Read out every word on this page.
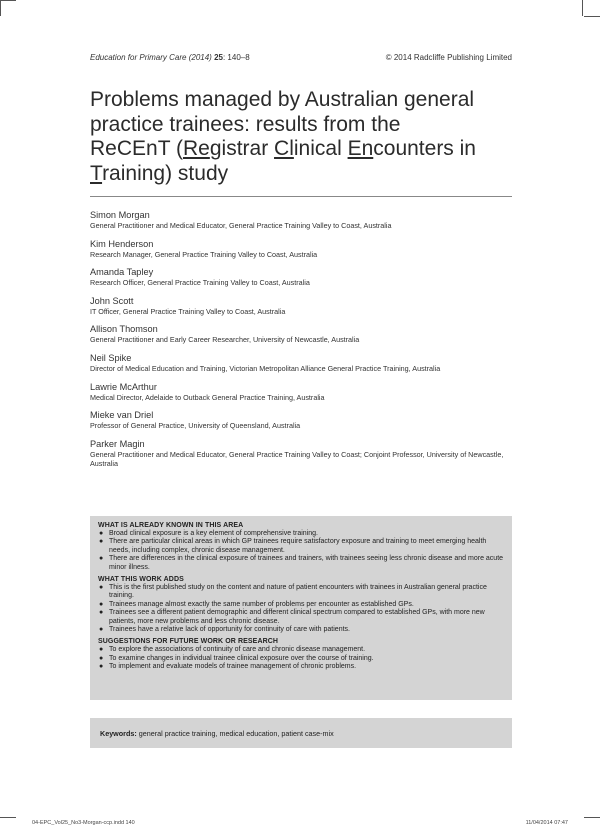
Education for Primary Care (2014) 25: 140–8	© 2014 Radcliffe Publishing Limited
Problems managed by Australian general
practice trainees: results from the
ReCEnT (Registrar Clinical Encounters in
Training) study
Simon Morgan
General Practitioner and Medical Educator, General Practice Training Valley to Coast, Australia
Kim Henderson
Research Manager, General Practice Training Valley to Coast, Australia
Amanda Tapley
Research Officer, General Practice Training Valley to Coast, Australia
John Scott
IT Officer, General Practice Training Valley to Coast, Australia
Allison Thomson
General Practitioner and Early Career Researcher, University of Newcastle, Australia
Neil Spike
Director of Medical Education and Training, Victorian Metropolitan Alliance General Practice Training, Australia
Lawrie McArthur
Medical Director, Adelaide to Outback General Practice Training, Australia
Mieke van Driel
Professor of General Practice, University of Queensland, Australia
Parker Magin
General Practitioner and Medical Educator, General Practice Training Valley to Coast; Conjoint Professor, University of Newcastle, Australia
WHAT IS ALREADY KNOWN IN THIS AREA
● Broad clinical exposure is a key element of comprehensive training.
● There are particular clinical areas in which GP trainees require satisfactory exposure and training to meet emerging health needs, including complex, chronic disease management.
● There are differences in the clinical exposure of trainees and trainers, with trainees seeing less chronic disease and more acute minor illness.
WHAT THIS WORK ADDS
● This is the first published study on the content and nature of patient encounters with trainees in Australian general practice training.
● Trainees manage almost exactly the same number of problems per encounter as established GPs.
● Trainees see a different patient demographic and different clinical spectrum compared to established GPs, with more new patients, more new problems and less chronic disease.
● Trainees have a relative lack of opportunity for continuity of care with patients.
SUGGESTIONS FOR FUTURE WORK OR RESEARCH
● To explore the associations of continuity of care and chronic disease management.
● To examine changes in individual trainee clinical exposure over the course of training.
● To implement and evaluate models of trainee management of chronic problems.
Keywords: general practice training, medical education, patient case-mix
04-EPC_Vol25_No3-Morgan-ccp.indd 140	11/04/2014 07:47
